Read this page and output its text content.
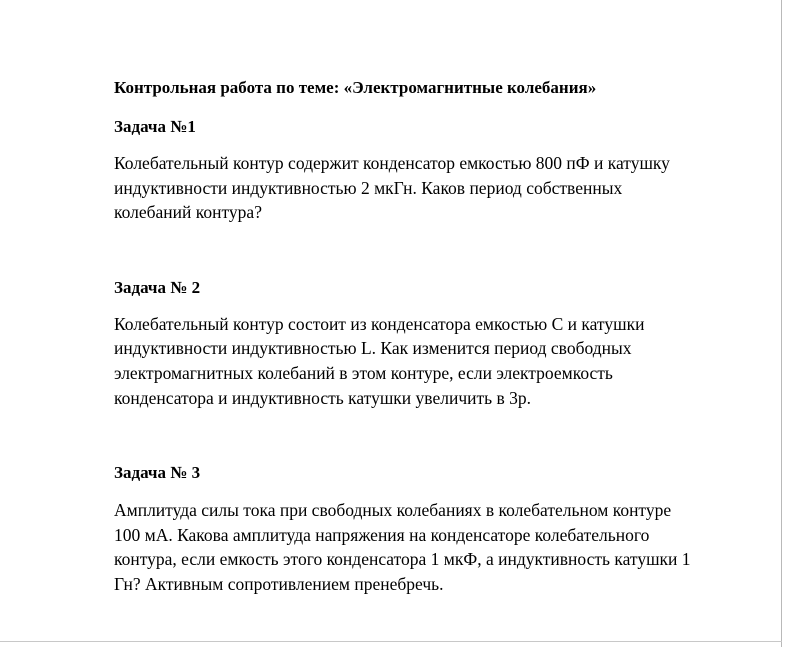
Контрольная работа по теме: «Электромагнитные колебания»

Задача №1

Колебательный контур содержит конденсатор емкостью 800 пФ и катушку
индуктивности индуктивностью 2 мкГн. Каков период собственных
колебаний контура?

Задача № 2

Колебательный контур состоит из конденсатора емкостью С и катушки
индуктивности индуктивностью L. Как изменится период свободных
электромагнитных колебаний в этом контуре, если электроемкость
конденсатора и индуктивность катушки увеличить в 3р.

Задача № 3

Амплитуда силы тока при свободных колебаниях в колебательном контуре
100 мА. Какова амплитуда напряжения на конденсаторе колебательного
контура, если емкость этого конденсатора 1 мкФ, а индуктивность катушки 1
Гн? Активным сопротивлением пренебречь.
